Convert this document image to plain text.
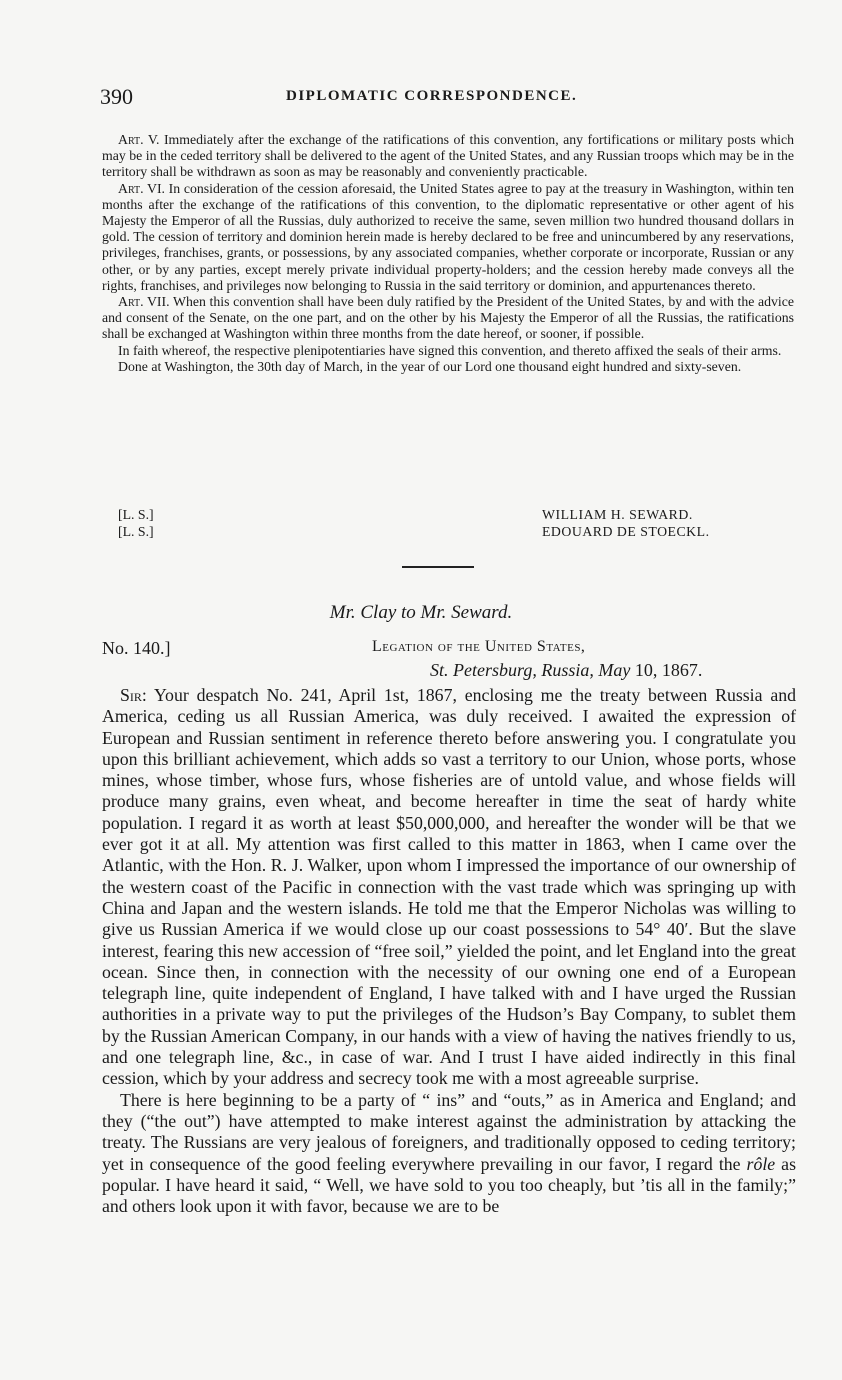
390	DIPLOMATIC CORRESPONDENCE.

Art. V. Immediately after the exchange of the ratifications of this convention, any fortifications or military posts which may be in the ceded territory shall be delivered to the agent of the United States, and any Russian troops which may be in the territory shall be withdrawn as soon as may be reasonably and conveniently practicable.

Art. VI. In consideration of the cession aforesaid, the United States agree to pay at the treasury in Washington, within ten months after the exchange of the ratifications of this convention, to the diplomatic representative or other agent of his Majesty the Emperor of all the Russias, duly authorized to receive the same, seven million two hundred thousand dollars in gold. The cession of territory and dominion herein made is hereby declared to be free and unincumbered by any reservations, privileges, franchises, grants, or possessions, by any associated companies, whether corporate or incorporate, Russian or any other, or by any parties, except merely private individual property-holders; and the cession hereby made conveys all the rights, franchises, and privileges now belonging to Russia in the said territory or dominion, and appurtenances thereto.

Art. VII. When this convention shall have been duly ratified by the President of the United States, by and with the advice and consent of the Senate, on the one part, and on the other by his Majesty the Emperor of all the Russias, the ratifications shall be exchanged at Washington within three months from the date hereof, or sooner, if possible.

In faith whereof, the respective plenipotentiaries have signed this convention, and thereto affixed the seals of their arms.

Done at Washington, the 30th day of March, in the year of our Lord one thousand eight hundred and sixty-seven.

[L. S.]	WILLIAM H. SEWARD.
[L. S.]	EDOUARD DE STOECKL.
Mr. Clay to Mr. Seward.
No. 140.]	Legation of the United States,
St. Petersburg, Russia, May 10, 1867.

Sir: Your despatch No. 241, April 1st, 1867, enclosing me the treaty between Russia and America, ceding us all Russian America, was duly received. I awaited the expression of European and Russian sentiment in reference thereto before answering you. I congratulate you upon this brilliant achievement, which adds so vast a territory to our Union, whose ports, whose mines, whose timber, whose furs, whose fisheries are of untold value, and whose fields will produce many grains, even wheat, and become hereafter in time the seat of hardy white population. I regard it as worth at least $50,000,000, and hereafter the wonder will be that we ever got it at all. My attention was first called to this matter in 1863, when I came over the Atlantic, with the Hon. R. J. Walker, upon whom I impressed the importance of our ownership of the western coast of the Pacific in connection with the vast trade which was springing up with China and Japan and the western islands. He told me that the Emperor Nicholas was willing to give us Russian America if we would close up our coast possessions to 54° 40′. But the slave interest, fearing this new accession of “free soil,” yielded the point, and let England into the great ocean. Since then, in connection with the necessity of our owning one end of a European telegraph line, quite independent of England, I have talked with and I have urged the Russian authorities in a private way to put the privileges of the Hudson’s Bay Company, to sublet them by the Russian American Company, in our hands with a view of having the natives friendly to us, and one telegraph line, &c., in case of war. And I trust I have aided indirectly in this final cession, which by your address and secrecy took me with a most agreeable surprise.

There is here beginning to be a party of “ ins” and “outs,” as in America and England; and they (“the out”) have attempted to make interest against the administration by attacking the treaty. The Russians are very jealous of foreigners, and traditionally opposed to ceding territory; yet in consequence of the good feeling everywhere prevailing in our favor, I regard the rôle as popular. I have heard it said, “ Well, we have sold to you too cheaply, but ’tis all in the family;” and others look upon it with favor, because we are to be
